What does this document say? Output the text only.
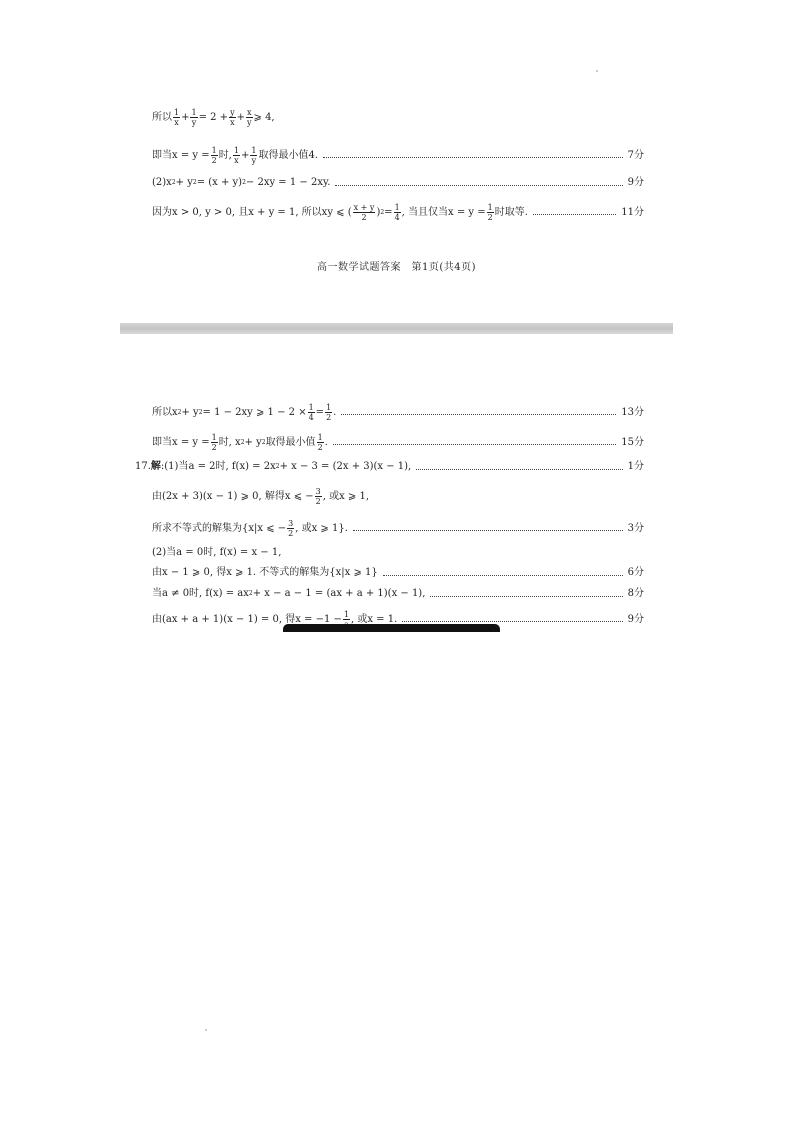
所以 $\frac{1}{x} + \frac{1}{y} = 2 + \frac{y}{x} + \frac{x}{y}$ ⩾ 4,
即当$x = y = \frac{1}{2}$ 时, $\frac{1}{x} + \frac{1}{y}$ 取得最小值4.	7分
(2)x 2 + y 2 = (x + y) 2 − 2xy = 1 − 2xy.	9分
因为x > 0, y > 0, 且x + y = 1, 所以xy ⩽ ( $\frac{x + y}{2}$ ) $2 = \frac{1}{4}$ , 当且仅当$x = y = \frac{1}{2}$ 时取等.	11分
高一数学试题答案　第1页(共4页)
所以x 2 + y 2 = 1 − 2xy ⩾ $1 - 2 \times \frac{1}{4} = \frac{1}{2}$ .	13分
即当$x = y = \frac{1}{2}$ 时, x 2 + y 2 取得最小值 $\frac{1}{2}$ .	15分
17. 解 :(1)当a = 2时, f(x) = 2x 2 + x − 3 = (2x + 3)(x − 1),	1分
由(2x + 3)(x − 1) ⩾ 0, 解得x ⩽ − $\frac{3}{2}$ , 或x ⩾ 1,
所求不等式的解集为{x|x ⩽ − $\frac{3}{2}$ , 或x ⩾ 1}.	3分
(2)当a = 0时, f(x) = x − 1,
由x − 1 ⩾ 0, 得x ⩾ 1. 不等式的解集为{x|x ⩾ 1}	6分
当a ≠ 0时, f(x) = ax 2 + x − a − 1 = (ax + a + 1)(x − 1),	8分
由(ax + a + 1)(x − 1) = 0, 得x = −1 − 1 , 或x = 1.	9分
